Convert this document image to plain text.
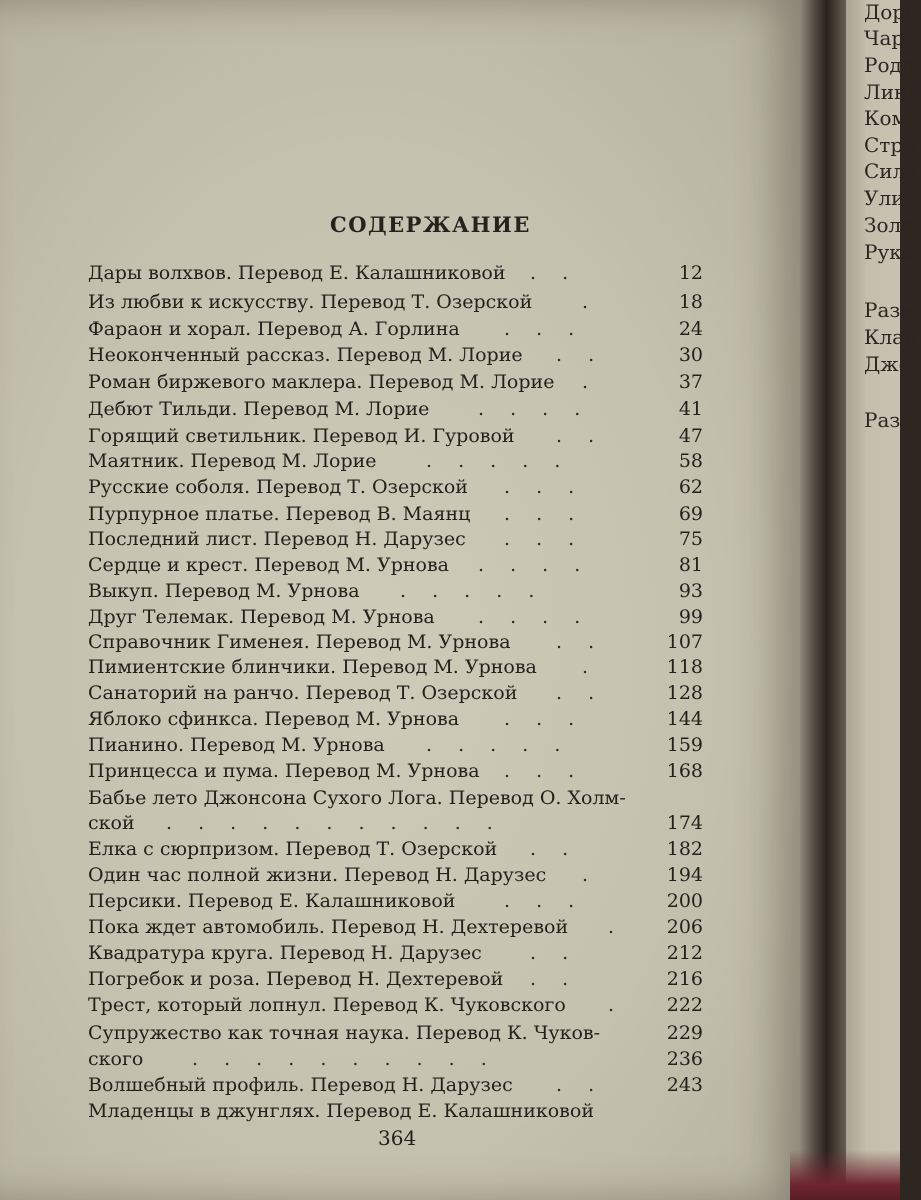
СОДЕРЖАНИЕ
Дары волхвов. Перевод Е. Калашниковой	12
. .
Из любви к искусству. Перевод Т. Озерской	18
.
Фараон и хорал. Перевод А. Горлина	24
. . .
Неоконченный рассказ. Перевод М. Лорие	30
. .
Роман биржевого маклера. Перевод М. Лорие	37
.
Дебют Тильди. Перевод М. Лорие	41
. . . .
Горящий светильник. Перевод И. Гуровой	47
. .
Маятник. Перевод М. Лорие	58
. . . . .
Русские соболя. Перевод Т. Озерской	62
. . .
Пурпурное платье. Перевод В. Маянц	69
. . .
Последний лист. Перевод Н. Дарузес	75
. . .
Сердце и крест. Перевод М. Урнова	81
. . . .
Выкуп. Перевод М. Урнова	93
. . . . .
Друг Телемак. Перевод М. Урнова	99
. . . .
Справочник Гименея. Перевод М. Урнова	107
. .
Пимиентские блинчики. Перевод М. Урнова	118
.
Санаторий на ранчо. Перевод Т. Озерской	128
. .
Яблоко сфинкса. Перевод М. Урнова	144
. . .
Пианино. Перевод М. Урнова	159
. . . . .
Принцесса и пума. Перевод М. Урнова	168
. . .
Бабье лето Джонсона Сухого Лога. Перевод О. Холм-
ской	174
. . . . . . . . . . .
Елка с сюрпризом. Перевод Т. Озерской	182
. .
Один час полной жизни. Перевод Н. Дарузес	194
.
Персики. Перевод Е. Калашниковой	200
. . .
Пока ждет автомобиль. Перевод Н. Дехтеревой	206
.
Квадратура круга. Перевод Н. Дарузес	212
. .
Погребок и роза. Перевод Н. Дехтеревой	216
. .
Трест, который лопнул. Перевод К. Чуковского	222
.
Супружество как точная наука. Перевод К. Чуков-	229
ского	236
. . . . . . . . . .
Волшебный профиль. Перевод Н. Дарузес	243
. .
Младенцы в джунглях. Перевод Е. Калашниковой
364
Доро
Чарс
Родс
Лини
Комі
Стри
Сила
Улис
Золс
Рука
Разн
Клад
Дже
Разв
